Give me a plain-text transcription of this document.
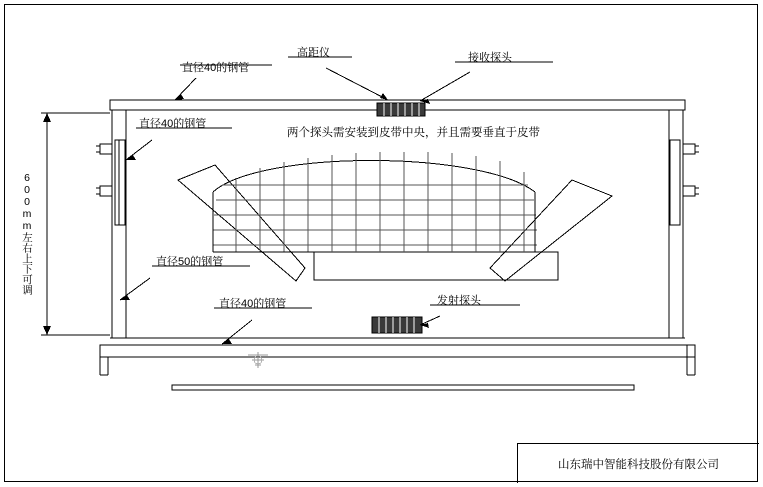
直径40的钢管
高距仪	接收探头
直径40的钢管
两个探头需安装到皮带中央，并且需要垂直于皮带
直径50的钢管
直径40的钢管	发射探头
600mm左右上下可调
山东瑞中智能科技股份有限公司
